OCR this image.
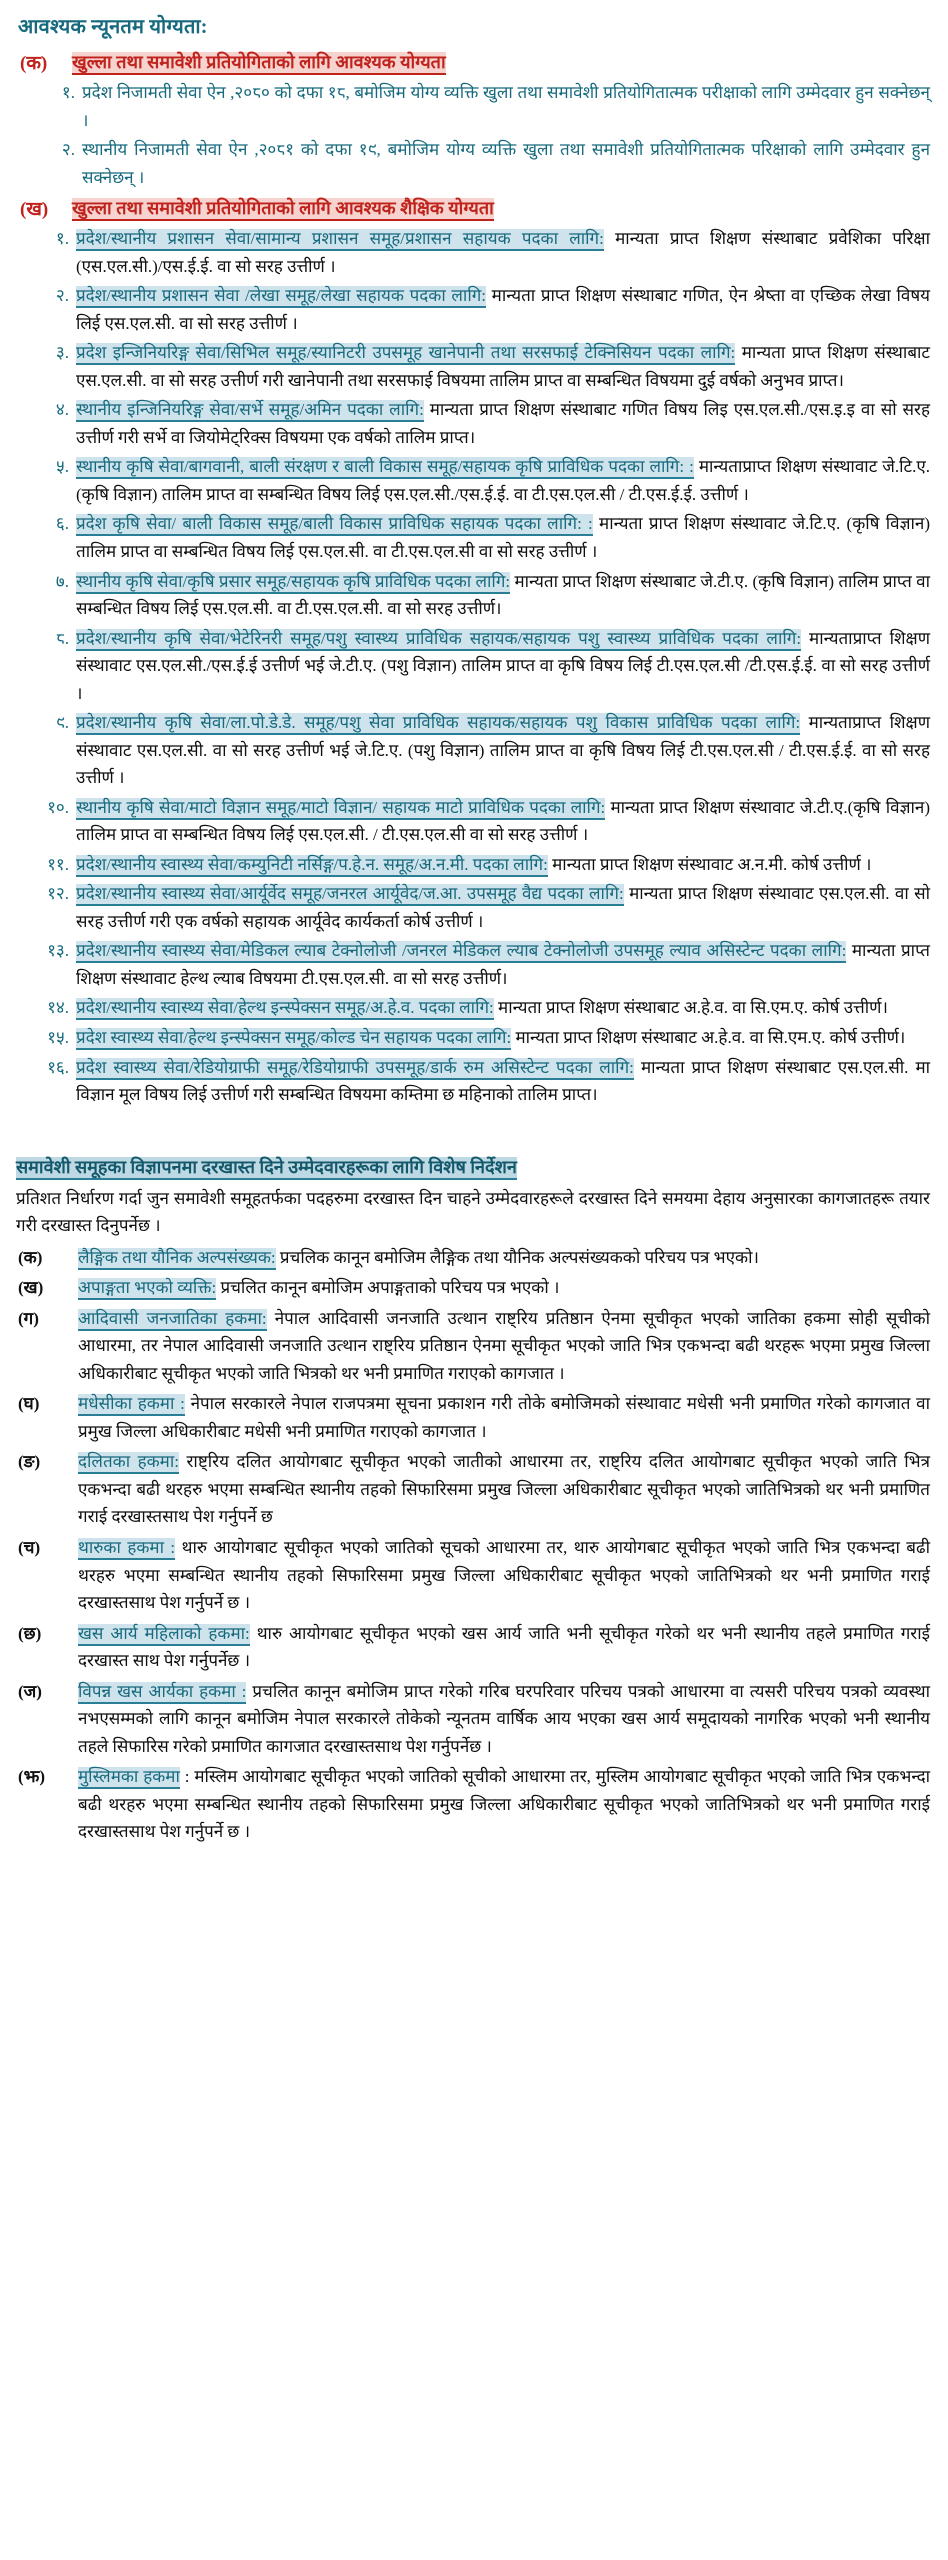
आवश्यक न्यूनतम योग्यता:
(क)	खुल्ला तथा समावेशी प्रतियोगिताको लागि आवश्यक योग्यता
१. प्रदेश निजामती सेवा ऐन ,२०८० को दफा १८, बमोजिम योग्य व्यक्ति खुला तथा समावेशी प्रतियोगितात्मक परीक्षाको लागि उम्मेदवार हुन सक्नेछन् ।
२. स्थानीय निजामती सेवा ऐन ,२०८१ को दफा १९, बमोजिम योग्य व्यक्ति खुला तथा समावेशी प्रतियोगितात्मक परिक्षाको लागि उम्मेदवार हुन सक्नेछन् ।
(ख)	खुल्ला तथा समावेशी प्रतियोगिताको लागि आवश्यक शैक्षिक योग्यता
१. प्रदेश/स्थानीय प्रशासन सेवा/सामान्य प्रशासन समूह/प्रशासन सहायक पदका लागि: मान्यता प्राप्त शिक्षण संस्थाबाट प्रवेशिका परिक्षा (एस.एल.सी.)/एस.ई.ई. वा सो सरह उत्तीर्ण ।
२. प्रदेश/स्थानीय प्रशासन सेवा /लेखा समूह/लेखा सहायक पदका लागि: मान्यता प्राप्त शिक्षण संस्थाबाट गणित, ऐन श्रेष्ता वा एच्छिक लेखा विषय लिई एस.एल.सी. वा सो सरह उत्तीर्ण ।
३. प्रदेश इन्जिनियरिङ्ग सेवा/सिभिल समूह/स्यानिटरी उपसमूह खानेपानी तथा सरसफाई टेक्निसियन पदका लागि: मान्यता प्राप्त शिक्षण संस्थाबाट एस.एल.सी. वा सो सरह उत्तीर्ण गरी खानेपानी तथा सरसफाई विषयमा तालिम प्राप्त वा सम्बन्धित विषयमा दुई वर्षको अनुभव प्राप्त।
४. स्थानीय इन्जिनियरिङ्ग सेवा/सर्भे समूह/अमिन पदका लागि: मान्यता प्राप्त शिक्षण संस्थाबाट गणित विषय लिइ एस.एल.सी./एस.इ.इ वा सो सरह उत्तीर्ण गरी सर्भे वा जियोमेट्रिक्स विषयमा एक वर्षको तालिम प्राप्त।
५. स्थानीय कृषि सेवा/बागवानी, बाली संरक्षण र बाली विकास समूह/सहायक कृषि प्राविधिक पदका लागि: : मान्यताप्राप्त शिक्षण संस्थावाट जे.टि.ए. (कृषि विज्ञान) तालिम प्राप्त वा सम्बन्धित विषय लिई एस.एल.सी./एस.ई.ई. वा टी.एस.एल.सी / टी.एस.ई.ई. उत्तीर्ण ।
६. प्रदेश कृषि सेवा/ बाली विकास समूह/बाली विकास प्राविधिक सहायक पदका लागि: : मान्यता प्राप्त शिक्षण संस्थावाट जे.टि.ए. (कृषि विज्ञान) तालिम प्राप्त वा सम्बन्धित विषय लिई एस.एल.सी. वा टी.एस.एल.सी वा सो सरह उत्तीर्ण ।
७. स्थानीय कृषि सेवा/कृषि प्रसार समूह/सहायक कृषि प्राविधिक पदका लागि: मान्यता प्राप्त शिक्षण संस्थाबाट जे.टी.ए. (कृषि विज्ञान) तालिम प्राप्त वा सम्बन्धित विषय लिई एस.एल.सी. वा टी.एस.एल.सी. वा सो सरह उत्तीर्ण।
८. प्रदेश/स्थानीय कृषि सेवा/भेटेरिनरी समूह/पशु स्वास्थ्य प्राविधिक सहायक/सहायक पशु स्वास्थ्य प्राविधिक पदका लागि: मान्यताप्राप्त शिक्षण संस्थावाट एस.एल.सी./एस.ई.ई उत्तीर्ण भई जे.टी.ए. (पशु विज्ञान) तालिम प्राप्त वा कृषि विषय लिई टी.एस.एल.सी /टी.एस.ई.ई. वा सो सरह उत्तीर्ण ।
९. प्रदेश/स्थानीय कृषि सेवा/ला.पो.डे.डे. समूह/पशु सेवा प्राविधिक सहायक/सहायक पशु विकास प्राविधिक पदका लागि: मान्यताप्राप्त शिक्षण संस्थावाट एस.एल.सी. वा सो सरह उत्तीर्ण भई जे.टि.ए. (पशु विज्ञान) तालिम प्राप्त वा कृषि विषय लिई टी.एस.एल.सी / टी.एस.ई.ई. वा सो सरह उत्तीर्ण ।
१०. स्थानीय कृषि सेवा/माटो विज्ञान समूह/माटो विज्ञान/ सहायक माटो प्राविधिक पदका लागि: मान्यता प्राप्त शिक्षण संस्थावाट जे.टी.ए.(कृषि विज्ञान) तालिम प्राप्त वा सम्बन्धित विषय लिई एस.एल.सी. / टी.एस.एल.सी वा सो सरह उत्तीर्ण ।
११. प्रदेश/स्थानीय स्वास्थ्य सेवा/कम्युनिटी नर्सिङ्ग/प.हे.न. समूह/अ.न.मी. पदका लागि: मान्यता प्राप्त शिक्षण संस्थावाट अ.न.मी. कोर्ष उत्तीर्ण ।
१२. प्रदेश/स्थानीय स्वास्थ्य सेवा/आर्यूर्वेद समूह/जनरल आर्यूवेद/ज.आ. उपसमूह वैद्य पदका लागि: मान्यता प्राप्त शिक्षण संस्थावाट एस.एल.सी. वा सो सरह उत्तीर्ण गरी एक वर्षको सहायक आर्यूवेद कार्यकर्ता कोर्ष उत्तीर्ण ।
१३. प्रदेश/स्थानीय स्वास्थ्य सेवा/मेडिकल ल्याब टेक्नोलोजी /जनरल मेडिकल ल्याब टेक्नोलोजी उपसमूह ल्याव असिस्टेन्ट पदका लागि: मान्यता प्राप्त शिक्षण संस्थावाट हेल्थ ल्याब विषयमा टी.एस.एल.सी. वा सो सरह उत्तीर्ण।
१४. प्रदेश/स्थानीय स्वास्थ्य सेवा/हेल्थ इन्स्पेक्सन समूह/अ.हे.व. पदका लागि: मान्यता प्राप्त शिक्षण संस्थाबाट अ.हे.व. वा सि.एम.ए. कोर्ष उत्तीर्ण।
१५. प्रदेश स्वास्थ्य सेवा/हेल्थ इन्स्पेक्सन समूह/कोल्ड चेन सहायक पदका लागि: मान्यता प्राप्त शिक्षण संस्थाबाट अ.हे.व. वा सि.एम.ए. कोर्ष उत्तीर्ण।
१६. प्रदेश स्वास्थ्य सेवा/रेडियोग्राफी समूह/रेडियोग्राफी उपसमूह/डार्क रुम असिस्टेन्ट पदका लागि: मान्यता प्राप्त शिक्षण संस्थाबाट एस.एल.सी. मा विज्ञान मूल विषय लिई उत्तीर्ण गरी सम्बन्धित विषयमा कम्तिमा छ महिनाको तालिम प्राप्त।
समावेशी समूहका विज्ञापनमा दरखास्त दिने उम्मेदवारहरूका लागि विशेष निर्देशन
प्रतिशत निर्धारण गर्दा जुन समावेशी समूहतर्फका पदहरुमा दरखास्त दिन चाहने उम्मेदवारहरूले दरखास्त दिने समयमा देहाय अनुसारका कागजातहरू तयार गरी दरखास्त दिनुपर्नेछ ।
(क)	लैङ्गिक तथा यौनिक अल्पसंख्यक: प्रचलिक कानून बमोजिम लैङ्गिक तथा यौनिक अल्पसंख्यकको परिचय पत्र भएको।
(ख)	अपाङ्गता भएको व्यक्ति: प्रचलित कानून बमोजिम अपाङ्गताको परिचय पत्र भएको ।
(ग)	आदिवासी जनजातिका हकमा: नेपाल आदिवासी जनजाति उत्थान राष्ट्रिय प्रतिष्ठान ऐनमा सूचीकृत भएको जातिका हकमा सोही सूचीको आधारमा, तर नेपाल आदिवासी जनजाति उत्थान राष्ट्रिय प्रतिष्ठान ऐनमा सूचीकृत भएको जाति भित्र एकभन्दा बढी थरहरू भएमा प्रमुख जिल्ला अधिकारीबाट सूचीकृत भएको जाति भित्रको थर भनी प्रमाणित गराएको कागजात ।
(घ)	मधेसीका हकमा : नेपाल सरकारले नेपाल राजपत्रमा सूचना प्रकाशन गरी तोके बमोजिमको संस्थावाट मधेसी भनी प्रमाणित गरेको कागजात वा प्रमुख जिल्ला अधिकारीबाट मधेसी भनी प्रमाणित गराएको कागजात ।
(ङ)	दलितका हकमा: राष्ट्रिय दलित आयोगबाट सूचीकृत भएको जातीको आधारमा तर, राष्ट्रिय दलित आयोगबाट सूचीकृत भएको जाति भित्र एकभन्दा बढी थरहरु भएमा सम्बन्धित स्थानीय तहको सिफारिसमा प्रमुख जिल्ला अधिकारीबाट सूचीकृत भएको जातिभित्रको थर भनी प्रमाणित गराई दरखास्तसाथ पेश गर्नुपर्ने छ
(च)	थारुका हकमा : थारु आयोगबाट सूचीकृत भएको जातिको सूचको आधारमा तर, थारु आयोगबाट सूचीकृत भएको जाति भित्र एकभन्दा बढी थरहरु भएमा सम्बन्धित स्थानीय तहको सिफारिसमा प्रमुख जिल्ला अधिकारीबाट सूचीकृत भएको जातिभित्रको थर भनी प्रमाणित गराई दरखास्तसाथ पेश गर्नुपर्ने छ ।
(छ)	खस आर्य महिलाको हकमा: थारु आयोगबाट सूचीकृत भएको खस आर्य जाति भनी सूचीकृत गरेको थर भनी स्थानीय तहले प्रमाणित गराई दरखास्त साथ पेश गर्नुपर्नेछ ।
(ज)	विपन्न खस आर्यका हकमा : प्रचलित कानून बमोजिम प्राप्त गरेको गरिब घरपरिवार परिचय पत्रको आधारमा वा त्यसरी परिचय पत्रको व्यवस्था नभएसम्मको लागि कानून बमोजिम नेपाल सरकारले तोकेको न्यूनतम वार्षिक आय भएका खस आर्य समूदायको नागरिक भएको भनी स्थानीय तहले सिफारिस गरेको प्रमाणित कागजात दरखास्तसाथ पेश गर्नुपर्नेछ ।
(झ)	मुस्लिमका हकमा : मस्लिम आयोगबाट सूचीकृत भएको जातिको सूचीको आधारमा तर, मुस्लिम आयोगबाट सूचीकृत भएको जाति भित्र एकभन्दा बढी थरहरु भएमा सम्बन्धित स्थानीय तहको सिफारिसमा प्रमुख जिल्ला अधिकारीबाट सूचीकृत भएको जातिभित्रको थर भनी प्रमाणित गराई दरखास्तसाथ पेश गर्नुपर्ने छ ।
